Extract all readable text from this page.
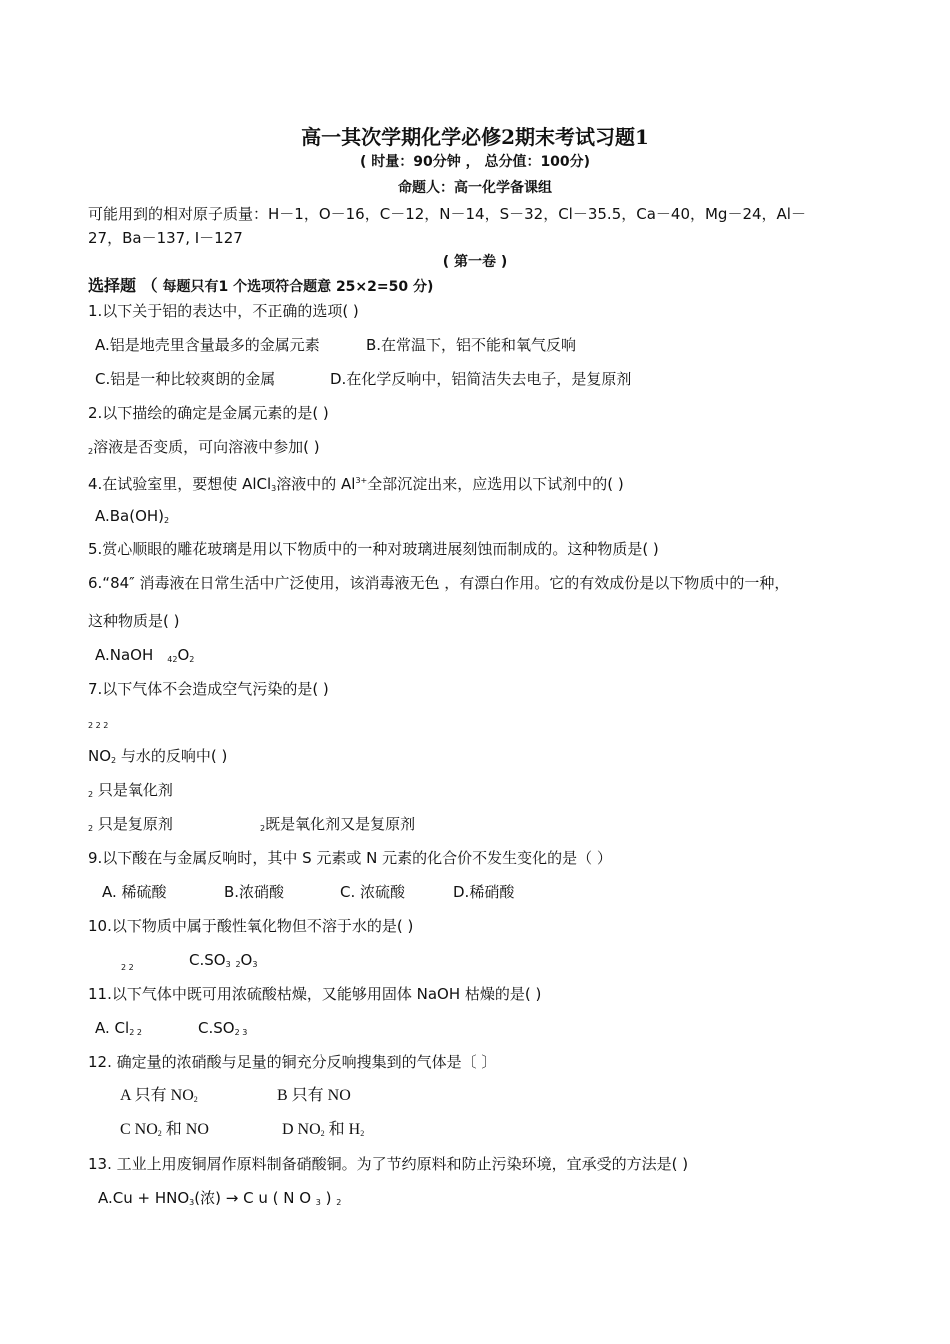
高一其次学期化学必修2期末考试习题1
( 时量：90分钟 ， 总分值：100分)
命题人：高一化学备课组
可能用到的相对原子质量：H－1，O－16，C－12，N－14，S－32，Cl－35.5，Ca－40，Mg－24，Al－
27，Ba－137, I－127
( 第一卷 )
选择题 （ 每题只有1 个选项符合题意 25×2=50 分)
1.以下关于铝的表达中，不正确的选项( )
A.铝是地壳里含量最多的金属元素	B.在常温下，铝不能和氧气反响
C.铝是一种比较爽朗的金属	D.在化学反响中，铝简洁失去电子，是复原剂
2.以下描绘的确定是金属元素的是( )
$_2$溶液是否变质，可向溶液中参加( )
4.在试验室里，要想使 AlCl$_3$溶液中的 $Al^{3+}$全部沉淀出来，应选用以下试剂中的( )
$A.Ba(OH)_2$
5.赏心顺眼的雕花玻璃是用以下物质中的一种对玻璃进展刻蚀而制成的。这种物质是( )
6.“84″ 消毒液在日常生活中广泛使用，该消毒液无色 ，有漂白作用。它的有效成份是以下物质中的一种，
这种物质是( )
A.NaOH $_{42}O_2$
7.以下气体不会造成空气污染的是( )
2 2 2
$NO_2$ 与水的反响中( )
$_2$ 只是氧化剂
$_2$ 只是复原剂	$_2$既是氧化剂又是复原剂
9.以下酸在与金属反响时，其中 S 元素或 N 元素的化合价不发生变化的是（ ）
A. 稀硫酸	B.浓硝酸	C. 浓硫酸	D.稀硝酸
10.以下物质中属于酸性氧化物但不溶于水的是( )
2 2	$C.SO_3$ $_2O_3$
11.以下气体中既可用浓硫酸枯燥，又能够用固体 NaOH 枯燥的是( )
A. $Cl_{2 2}$	$C.SO_{2 3}$
12. 确定量的浓硝酸与足量的铜充分反响搜集到的气体是〔 〕
A 只有 $NO_2$	B 只有 NO
C $NO_2$ 和 NO	D $NO_2$ 和 $H_2$
13. 工业上用废铜屑作原料制备硝酸铜。为了节约原料和防止污染环境，宜承受的方法是( )
$A.Cu + HNO_3$(浓) → C u ( N O $_3$ ) $_2$
